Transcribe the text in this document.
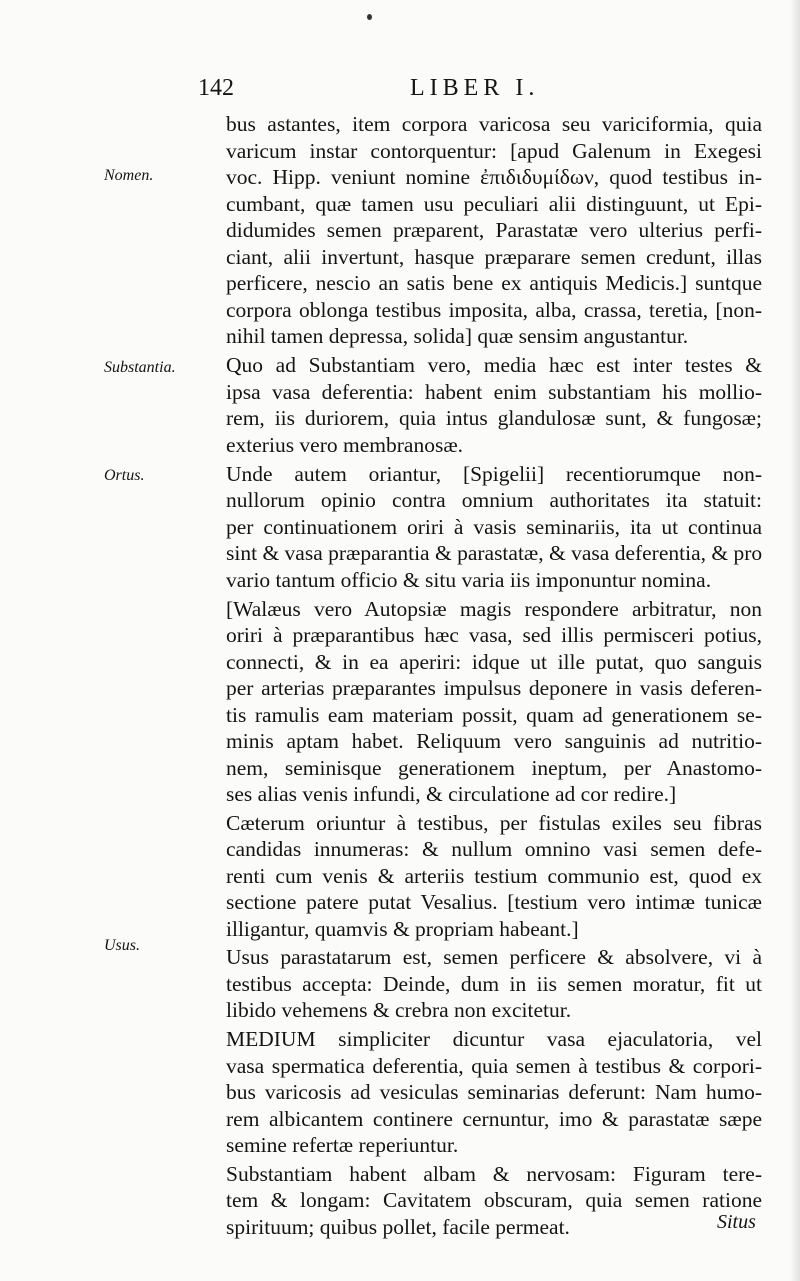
142	LIBER I.
Nomen.
Substantia.
Ortus.
Usus.
bus astantes, item corpora varicosa seu variciformia, quia
varicum instar contorquentur: [apud Galenum in Exegesi
voc. Hipp. veniunt nomine ἐπιδιδυμίδων, quod testibus in-
cumbant, quæ tamen usu peculiari alii distinguunt, ut Epi-
didumides semen præparent, Parastatæ vero ulterius perfi-
ciant, alii invertunt, hasque præparare semen credunt, illas
perficere, nescio an satis bene ex antiquis Medicis.] suntque
corpora oblonga testibus imposita, alba, crassa, teretia, [non-
nihil tamen depressa, solida] quæ sensim angustantur.
Quo ad Substantiam vero, media hæc est inter testes &
ipsa vasa deferentia: habent enim substantiam his mollio-
rem, iis duriorem, quia intus glandulosæ sunt, & fungosæ;
exterius vero membranosæ.
Unde autem oriantur, [Spigelii] recentiorumque non-
nullorum opinio contra omnium authoritates ita statuit:
per continuationem oriri à vasis seminariis, ita ut continua
sint & vasa præparantia & parastatæ, & vasa deferentia, & pro
vario tantum officio & situ varia iis imponuntur nomina.
[Walæus vero Autopsiæ magis respondere arbitratur, non
oriri à præparantibus hæc vasa, sed illis permisceri potius,
connecti, & in ea aperiri: idque ut ille putat, quo sanguis
per arterias præparantes impulsus deponere in vasis deferen-
tis ramulis eam materiam possit, quam ad generationem se-
minis aptam habet. Reliquum vero sanguinis ad nutritio-
nem, seminisque generationem ineptum, per Anastomo-
ses alias venis infundi, & circulatione ad cor redire.]
Cæterum oriuntur à testibus, per fistulas exiles seu fibras
candidas innumeras: & nullum omnino vasi semen defe-
renti cum venis & arteriis testium communio est, quod ex
sectione patere putat Vesalius. [testium vero intimæ tunicæ
illigantur, quamvis & propriam habeant.]
Usus parastatarum est, semen perficere & absolvere, vi à
testibus accepta: Deinde, dum in iis semen moratur, fit ut
libido vehemens & crebra non excitetur.
MEDIUM simpliciter dicuntur vasa ejaculatoria, vel
vasa spermatica deferentia, quia semen à testibus & corpori-
bus varicosis ad vesiculas seminarias deferunt: Nam humo-
rem albicantem continere cernuntur, imo & parastatæ sæpe
semine refertæ reperiuntur.
Substantiam habent albam & nervosam: Figuram tere-
tem & longam: Cavitatem obscuram, quia semen ratione
spirituum; quibus pollet, facile permeat.	Situs
